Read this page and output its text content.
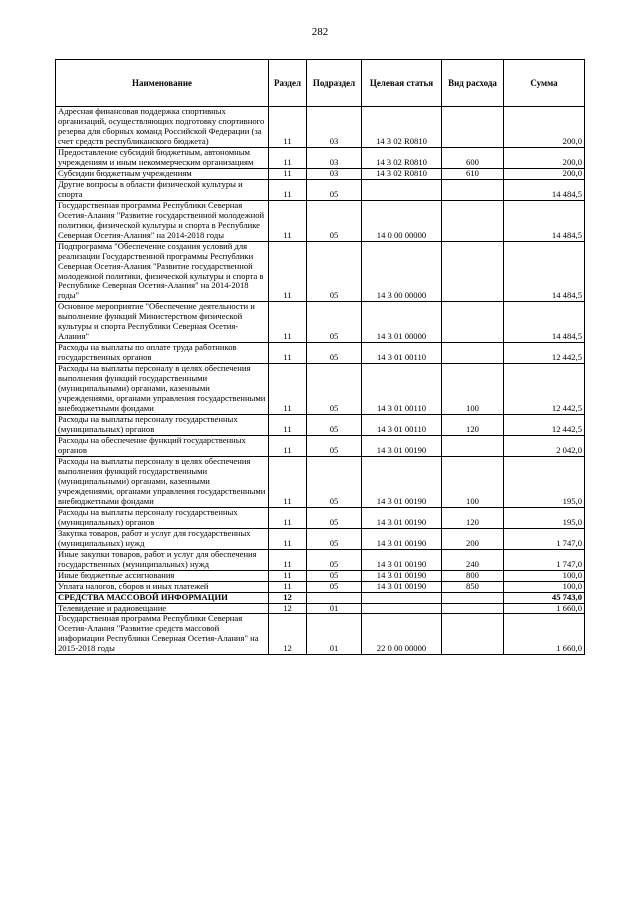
282
Наименование	Раздел	Подраздел	Целевая статья	Вид расхода	Сумма
Адресная финансовая поддержка спортивных организаций, осуществляющих подготовку спортивного резерва для сборных команд Российской Федерации (за счет средств республиканского бюджета)	11	03	14 3 02 R0810		200,0
Предоставление субсидий бюджетным, автономным учреждениям и иным некоммерческим организациям	11	03	14 3 02 R0810	600	200,0
Субсидии бюджетным учреждениям	11	03	14 3 02 R0810	610	200,0
Другие вопросы в области физической культуры и спорта	11	05			14 484,5
Государственная программа Республики Северная Осетия-Алания "Развитие государственной молодежной политики, физической культуры и спорта в Республике Северная Осетия-Алания" на 2014-2018 годы	11	05	14 0 00 00000		14 484,5
Подпрограмма "Обеспечение создания условий для реализации Государственной программы Республики Северная Осетия-Алания "Развитие государственной молодежной политики, физической культуры и спорта в Республике Северная Осетия-Алания" на 2014-2018 годы"	11	05	14 3 00 00000		14 484,5
Основное мероприятие "Обеспечение деятельности и выполнение функций Министерством физической культуры и спорта Республики Северная Осетия-Алания"	11	05	14 3 01 00000		14 484,5
Расходы на выплаты по оплате труда работников государственных органов	11	05	14 3 01 00110		12 442,5
Расходы на выплаты персоналу в целях обеспечения выполнения функций государственными (муниципальными) органами, казенными учреждениями, органами управления государственными внебюджетными фондами	11	05	14 3 01 00110	100	12 442,5
Расходы на выплаты персоналу государственных (муниципальных) органов	11	05	14 3 01 00110	120	12 442,5
Расходы на обеспечение функций государственных органов	11	05	14 3 01 00190		2 042,0
Расходы на выплаты персоналу в целях обеспечения выполнения функций государственными (муниципальными) органами, казенными учреждениями, органами управления государственными внебюджетными фондами	11	05	14 3 01 00190	100	195,0
Расходы на выплаты персоналу государственных (муниципальных) органов	11	05	14 3 01 00190	120	195,0
Закупка товаров, работ и услуг для государственных (муниципальных) нужд	11	05	14 3 01 00190	200	1 747,0
Иные закупки товаров, работ и услуг для обеспечения государственных (муниципальных) нужд	11	05	14 3 01 00190	240	1 747,0
Иные бюджетные ассигнования	11	05	14 3 01 00190	800	100,0
Уплата налогов, сборов и иных платежей	11	05	14 3 01 00190	850	100,0
СРЕДСТВА МАССОВОЙ ИНФОРМАЦИИ	12				45 743,0
Телевидение и радиовещание	12	01			1 660,0
Государственная программа Республики Северная Осетия-Алания "Развитие средств массовой информации Республики Северная Осетия-Алания" на 2015-2018 годы	12	01	22 0 00 00000		1 660,0
